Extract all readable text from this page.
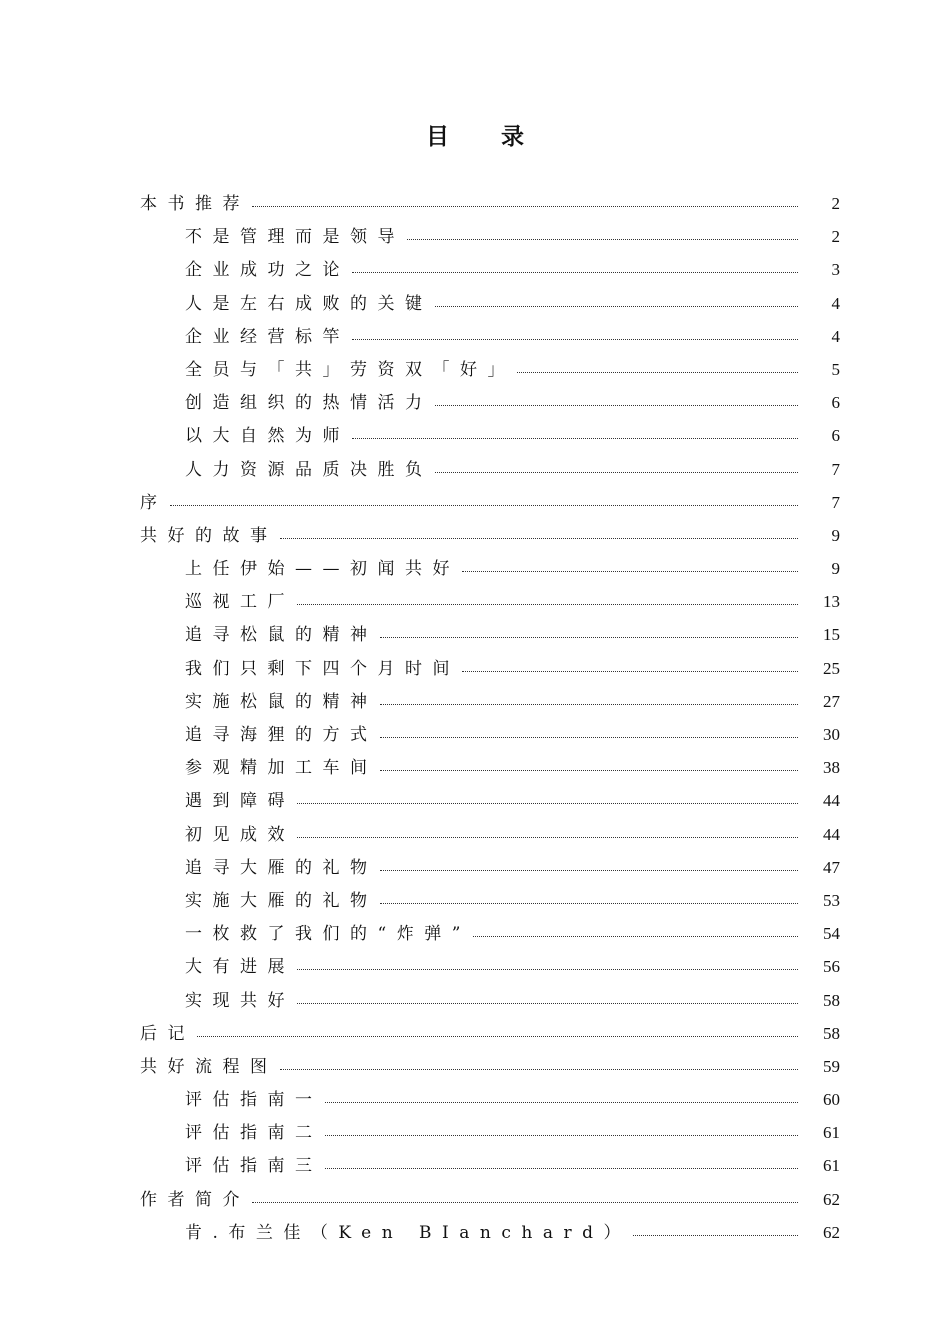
目 录
本书推荐	2
不是管理而是领导	2
企业成功之论	3
人是左右成败的关键	4
企业经营标竿	4
全员与「共」劳资双「好」	5
创造组织的热情活力	6
以大自然为师	6
人力资源品质决胜负	7
序	7
共好的故事	9
上任伊始——初闻共好	9
巡视工厂	13
追寻松鼠的精神	15
我们只剩下四个月时间	25
实施松鼠的精神	27
追寻海狸的方式	30
参观精加工车间	38
遇到障碍	44
初见成效	44
追寻大雁的礼物	47
实施大雁的礼物	53
一枚救了我们的“炸弹”	54
大有进展	56
实现共好	58
后记	58
共好流程图	59
评估指南一	60
评估指南二	61
评估指南三	61
作者简介	62
肯.布兰佳（Ken BIanchard）	62
